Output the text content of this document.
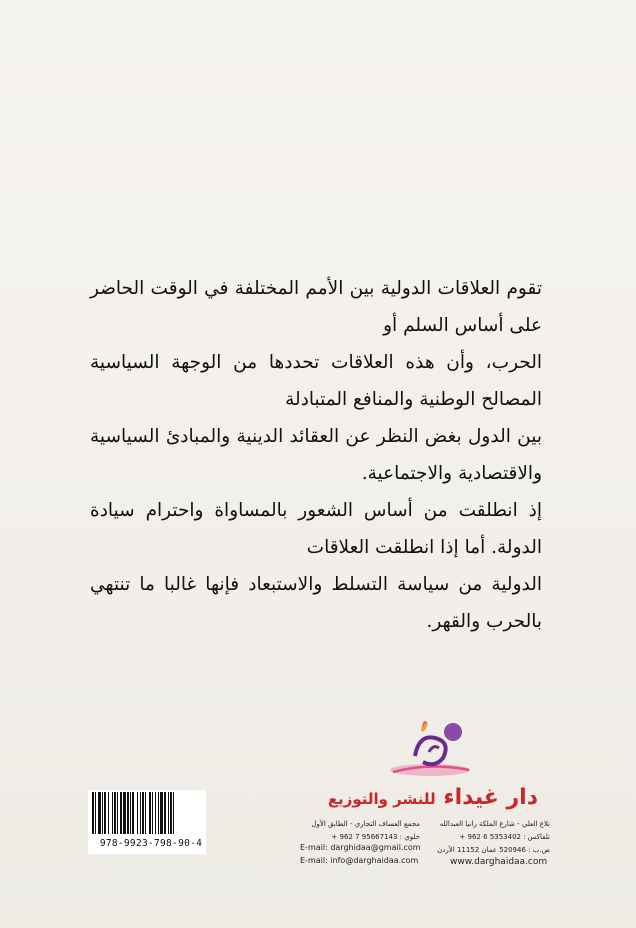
تقوم العلاقات الدولية بين الأمم المختلفة في الوقت الحاضر على أساس السلم أو

الحرب، وأن هذه العلاقات تحددها من الوجهة السياسية المصالح الوطنية والمنافع المتبادلة

بين الدول بغض النظر عن العقائد الدينية والمبادئ السياسية والاقتصادية والاجتماعية.

إذ انطلقت من أساس الشعور بالمساواة واحترام سيادة الدولة. أما إذا انطلقت العلاقات

الدولية من سياسة التسلط والاستبعاد فإنها غالبا ما تنتهي بالحرب والقهر.

دار غيداء للنشر والتوزيع
تلاع العلي - شارع الملكة رانيا العبدالله
تلفاكس : 5353402 6 962 +
ص.ب : 520946 عمان 11152 الأردن
مجمع العساف التجاري - الطابق الأول
خلوي : 95667143 7 962 +
E-mail: darghidaa@gmail.com
E-mail: info@darghaidaa.com	www.darghaidaa.com
978-9923-798-90-4
